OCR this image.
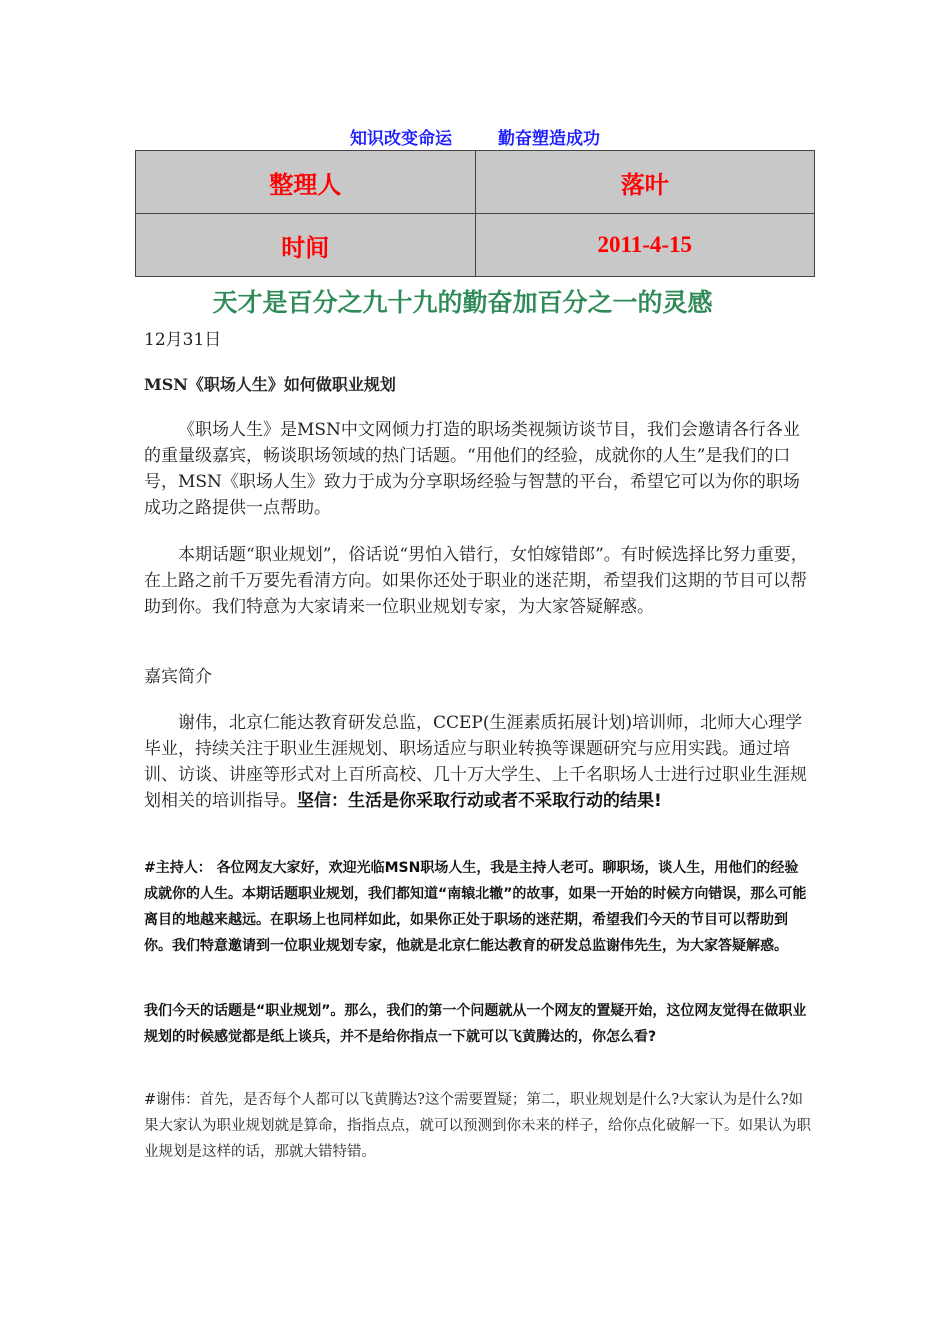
知识改变命运	勤奋塑造成功
整理人	落叶
时间	2011-4-15
天才是百分之九十九的勤奋加百分之一的灵感
12月31日
MSN《职场人生》如何做职业规划

《职场人生》是MSN中文网倾力打造的职场类视频访谈节目，我们会邀请各行各业的重量级嘉宾，畅谈职场领域的热门话题。“用他们的经验，成就你的人生”是我们的口号，MSN《职场人生》致力于成为分享职场经验与智慧的平台，希望它可以为你的职场成功之路提供一点帮助。

本期话题“职业规划”，俗话说“男怕入错行，女怕嫁错郎”。有时候选择比努力重要，在上路之前千万要先看清方向。如果你还处于职业的迷茫期，希望我们这期的节目可以帮助到你。我们特意为大家请来一位职业规划专家，为大家答疑解惑。

嘉宾简介

谢伟，北京仁能达教育研发总监，CCEP(生涯素质拓展计划)培训师，北师大心理学毕业，持续关注于职业生涯规划、职场适应与职业转换等课题研究与应用实践。通过培训、访谈、讲座等形式对上百所高校、几十万大学生、上千名职场人士进行过职业生涯规划相关的培训指导。坚信：生活是你采取行动或者不采取行动的结果!

#主持人： 各位网友大家好，欢迎光临MSN职场人生，我是主持人老可。聊职场，谈人生，用他们的经验成就你的人生。本期话题职业规划，我们都知道“南辕北辙”的故事，如果一开始的时候方向错误，那么可能离目的地越来越远。在职场上也同样如此，如果你正处于职场的迷茫期，希望我们今天的节目可以帮助到你。我们特意邀请到一位职业规划专家，他就是北京仁能达教育的研发总监谢伟先生，为大家答疑解惑。

我们今天的话题是“职业规划”。那么，我们的第一个问题就从一个网友的置疑开始，这位网友觉得在做职业规划的时候感觉都是纸上谈兵，并不是给你指点一下就可以飞黄腾达的，你怎么看?

#谢伟：首先，是否每个人都可以飞黄腾达?这个需要置疑；第二，职业规划是什么?大家认为是什么?如果大家认为职业规划就是算命，指指点点，就可以预测到你未来的样子，给你点化破解一下。如果认为职业规划是这样的话，那就大错特错。
